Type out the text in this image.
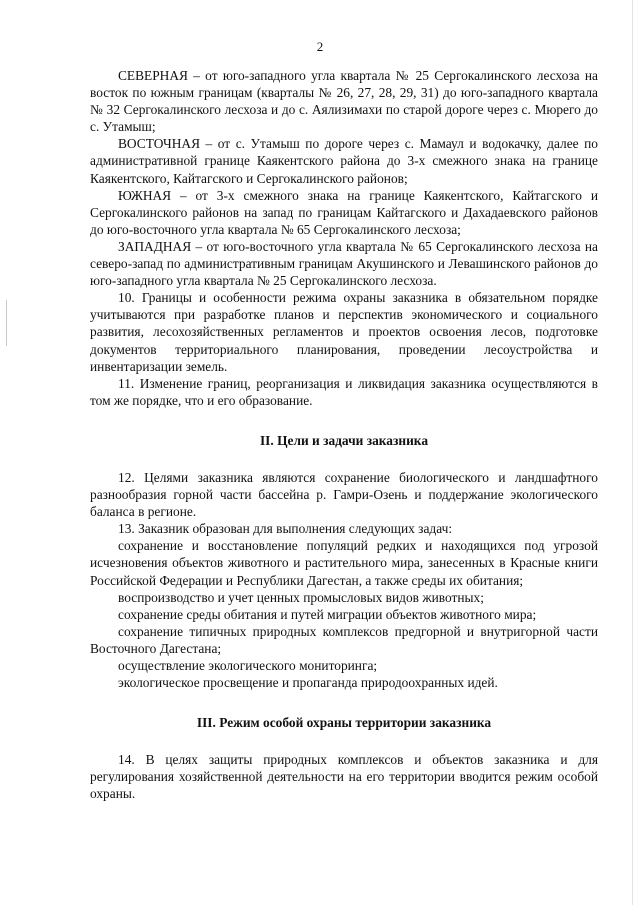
2

СЕВЕРНАЯ – от юго-западного угла квартала № 25 Сергокалинского лесхоза на восток по южным границам (кварталы № 26, 27, 28, 29, 31) до юго-западного квартала № 32 Сергокалинского лесхоза и до с. Аялизимахи по старой дороге через с. Мюрего до с. Утамыш;

ВОСТОЧНАЯ – от с. Утамыш по дороге через с. Мамаул и водокачку, далее по административной границе Каякентского района до 3-х смежного знака на границе Каякентского, Кайтагского и Сергокалинского районов;

ЮЖНАЯ – от 3-х смежного знака на границе Каякентского, Кайтагского и Сергокалинского районов на запад по границам Кайтагского и Дахадаевского районов до юго-восточного угла квартала № 65 Сергокалинского лесхоза;

ЗАПАДНАЯ – от юго-восточного угла квартала № 65 Сергокалинского лесхоза на северо-запад по административным границам Акушинского и Левашинского районов до юго-западного угла квартала № 25 Сергокалинского лесхоза.

10. Границы и особенности режима охраны заказника в обязательном порядке учитываются при разработке планов и перспектив экономического и социального развития, лесохозяйственных регламентов и проектов освоения лесов, подготовке документов территориального планирования, проведении лесоустройства и инвентаризации земель.

11. Изменение границ, реорганизация и ликвидация заказника осуществляются в том же порядке, что и его образование.

II. Цели и задачи заказника

12. Целями заказника являются сохранение биологического и ландшафтного разнообразия горной части бассейна р. Гамри-Озень и поддержание экологического баланса в регионе.

13. Заказник образован для выполнения следующих задач:

сохранение и восстановление популяций редких и находящихся под угрозой исчезновения объектов животного и растительного мира, занесенных в Красные книги Российской Федерации и Республики Дагестан, а также среды их обитания;

воспроизводство и учет ценных промысловых видов животных;

сохранение среды обитания и путей миграции объектов животного мира;

сохранение типичных природных комплексов предгорной и внутригорной части Восточного Дагестана;

осуществление экологического мониторинга;

экологическое просвещение и пропаганда природоохранных идей.

III. Режим особой охраны территории заказника

14. В целях защиты природных комплексов и объектов заказника и для регулирования хозяйственной деятельности на его территории вводится режим особой охраны.
